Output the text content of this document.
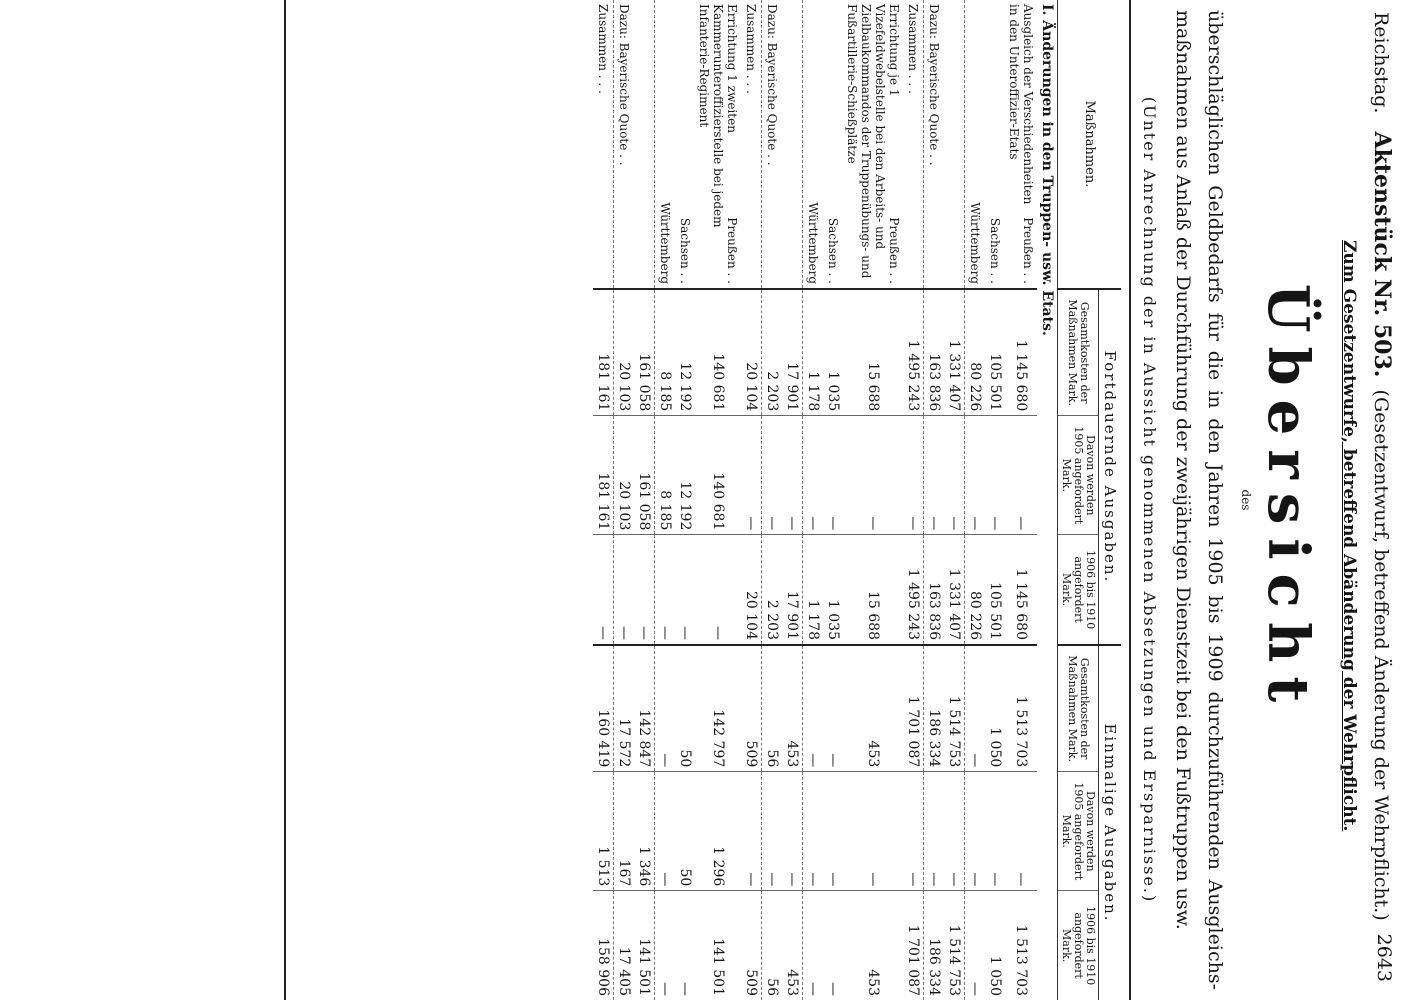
Reichstag.   Aktenstück Nr. 503.  (Gesetzentwurf, betreffend Änderung der Wehrpflicht.)
2643
Zum Gesetzentwurfe, betreffend Abänderung der Wehrpflicht.
Übersicht
des
überschläglichen Geldbedarfs für die in den Jahren 1905 bis 1909 durchzuführenden Ausgleichs- maßnahmen aus Anlaß der Durchführung der zweijährigen Dienstzeit bei den Fußtruppen usw.
(Unter Anrechnung der in Aussicht genommenen Absetzungen und Ersparnisse.)
Maßnahmen.	Fortdauernde Ausgaben.			Einmalige Ausgaben.		
	Gesamtkosten der Maßnahmen Mark.	Davon werden 1905 angefordert Mark.	1906 bis 1910 angefordert Mark.	Gesamtkosten der Maßnahmen Mark.	Davon werden 1905 angefordert Mark.	1906 bis 1910 angefordert Mark.
I. Änderungen in den Truppen- usw. Etats.						

Preußen . .
Ausgleich der Verschiedenheiten in den Unteroffizier-Etats	1 145 680	—	1 145 680	1 513 703	—	1 513 703

Sachsen . .	105 501	—	105 501	1 050	—	1 050

Württemberg	80 226	—	80 226	—	—	—

	1 331 407	—	1 331 407	1 514 753	—	1 514 753

Dazu: Bayerische Quote . .	163 836	—	163 836	186 334	—	186 334

Zusammen . . .	1 495 243	—	1 495 243	1 701 087	—	1 701 087

Preußen . .
Errichtung je 1 Vizefeldwebelstelle bei den Arbeits- und Zielbaukommandos der Truppenübungs- und Fußartillerie-Schießplätze	15 688	—	15 688	453	—	453

Sachsen . .	1 035	—	1 035	—	—	—

Württemberg	1 178	—	1 178	—	—	—

	17 901	—	17 901	453	—	453

Dazu: Bayerische Quote . .	2 203	—	2 203	56	—	56

Zusammen . . .	20 104	—	20 104	509	—	509

Preußen . .
Errichtung 1 zweiten Kammerunteroffizierstelle bei jedem Infanterie-Regiment	140 681	140 681	—	142 797	1 296	141 501

Sachsen . .	12 192	12 192	—	50	50	—

Württemberg	8 185	8 185	—	—	—	—

	161 058	161 058	—	142 847	1 346	141 501

Dazu: Bayerische Quote . .	20 103	20 103	—	17 572	167	17 405

Zusammen . . .	181 161	181 161	—	160 419	1 513	158 906
